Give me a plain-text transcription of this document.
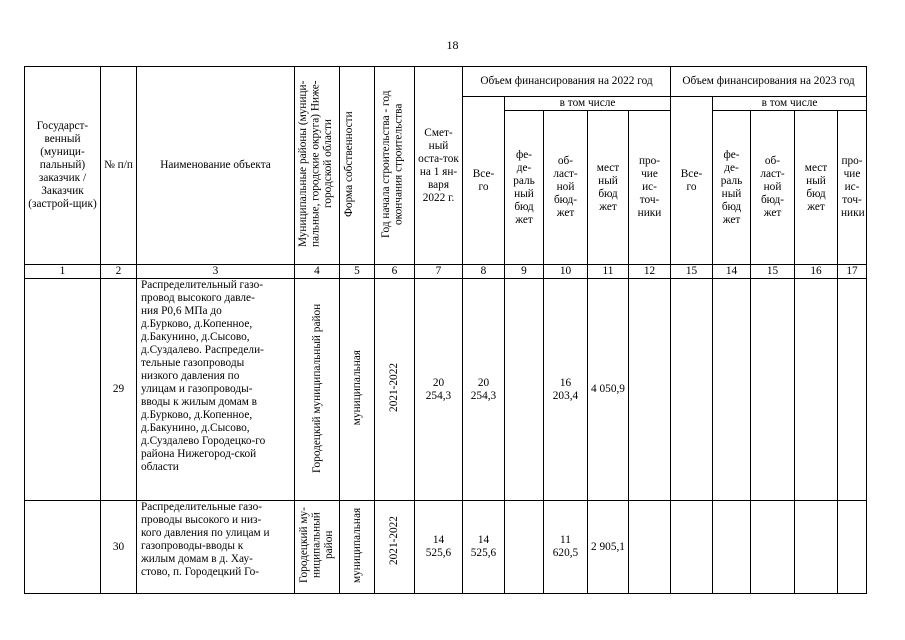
18
Государст-венный (муници-пальный) заказчик / Заказчик (застрой-щик)	№ п/п	Наименование объекта	Муниципальные районы (муници-пальные, городские округа) Ниже-городской области	Форма собственности	Год начала строительства - год окончания строительства	Смет-ный оста-ток на 1 ян-варя 2022 г.	Объем финансирования на 2022 год					Объем финансирования на 2023 год				

							Все-го	в том числе				Все-го	в том числе			

								фе-де-раль ный бюд жет	об-ласт-ной бюд-жет	мест ный бюд жет	про-чие ис-точ-ники		фе-де-раль ный бюд жет	об-ласт-ной бюд-жет	мест ный бюд жет	про-чие ис-точ-ники

1	2	3	4	5	6	7	8	9	10	11	12	15	14	15	16	17
	29	Распределительный газо-провод высокого давле-ния Р0,6 МПа до д.Бурково, д.Копенное, д.Бакунино, д.Сысово, д.Суздалево. Распредели-тельные газопроводы низкого давления по улицам и газопроводы-вводы к жилым домам в д.Бурково, д.Копенное, д.Бакунино, д.Сысово, д.Суздалево Городецко-го района Нижегород-ской области	Городецкий муниципальный район	муниципальная	2021-2022	20 254,3	20 254,3		16 203,4	4 050,9						

	30	Распределительные газо-проводы высокого и низ-кого давления по улицам и газопроводы-вводы к жилым домам в д. Хау-стово, п. Городецкий Го-	Городецкий му-ниципальный район	муниципальная	2021-2022	14 525,6	14 525,6		11 620,5	2 905,1						
